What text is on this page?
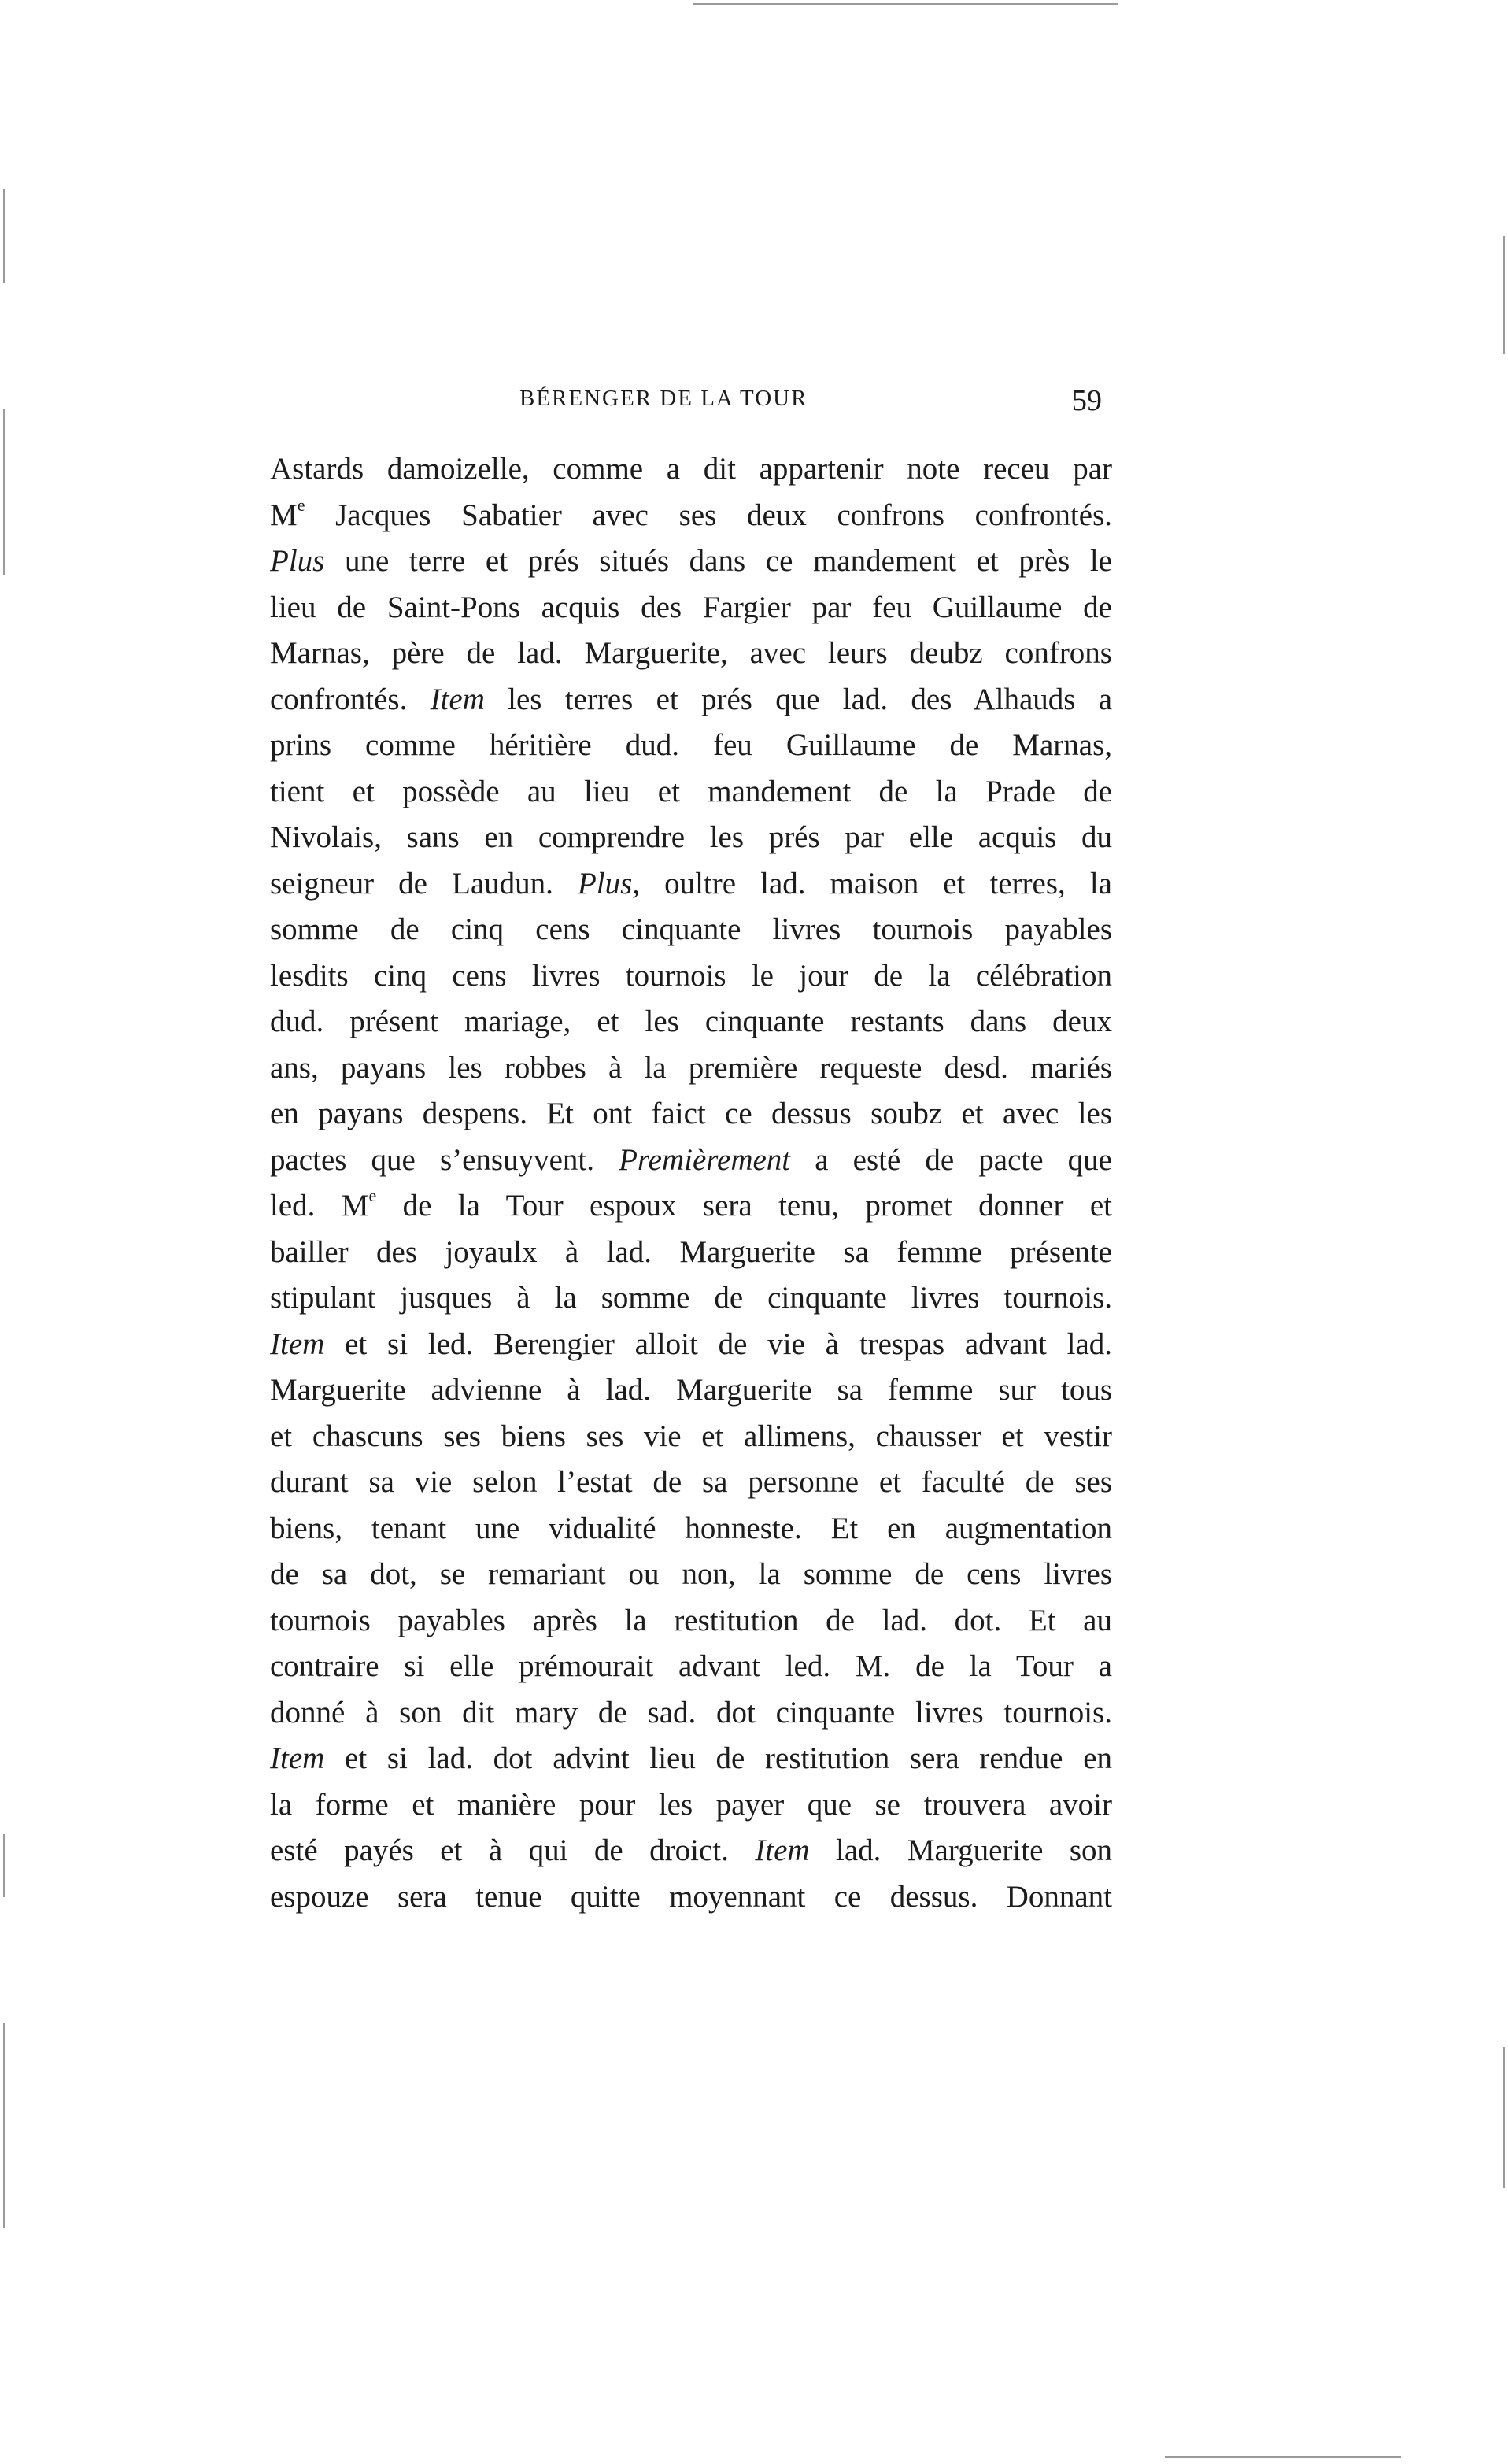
BÉRENGER DE LA TOUR	59
Astards damoizelle, comme a dit appartenir note receu par
Me Jacques Sabatier avec ses deux confrons confrontés.
Plus une terre et prés situés dans ce mandement et près le
lieu de Saint-Pons acquis des Fargier par feu Guillaume de
Marnas, père de lad. Marguerite, avec leurs deubz confrons
confrontés. Item les terres et prés que lad. des Alhauds a
prins comme héritière dud. feu Guillaume de Marnas,
tient et possède au lieu et mandement de la Prade de
Nivolais, sans en comprendre les prés par elle acquis du
seigneur de Laudun. Plus, oultre lad. maison et terres, la
somme de cinq cens cinquante livres tournois payables
lesdits cinq cens livres tournois le jour de la célébration
dud. présent mariage, et les cinquante restants dans deux
ans, payans les robbes à la première requeste desd. mariés
en payans despens. Et ont faict ce dessus soubz et avec les
pactes que s’ensuyvent. Premièrement a esté de pacte que
led. Me de la Tour espoux sera tenu, promet donner et
bailler des joyaulx à lad. Marguerite sa femme présente
stipulant jusques à la somme de cinquante livres tournois.
Item et si led. Berengier alloit de vie à trespas advant lad.
Marguerite advienne à lad. Marguerite sa femme sur tous
et chascuns ses biens ses vie et allimens, chausser et vestir
durant sa vie selon l’estat de sa personne et faculté de ses
biens, tenant une vidualité honneste. Et en augmentation
de sa dot, se remariant ou non, la somme de cens livres
tournois payables après la restitution de lad. dot. Et au
contraire si elle prémourait advant led. M. de la Tour a
donné à son dit mary de sad. dot cinquante livres tournois.
Item et si lad. dot advint lieu de restitution sera rendue en
la forme et manière pour les payer que se trouvera avoir
esté payés et à qui de droict. Item lad. Marguerite son
espouze sera tenue quitte moyennant ce dessus. Donnant
